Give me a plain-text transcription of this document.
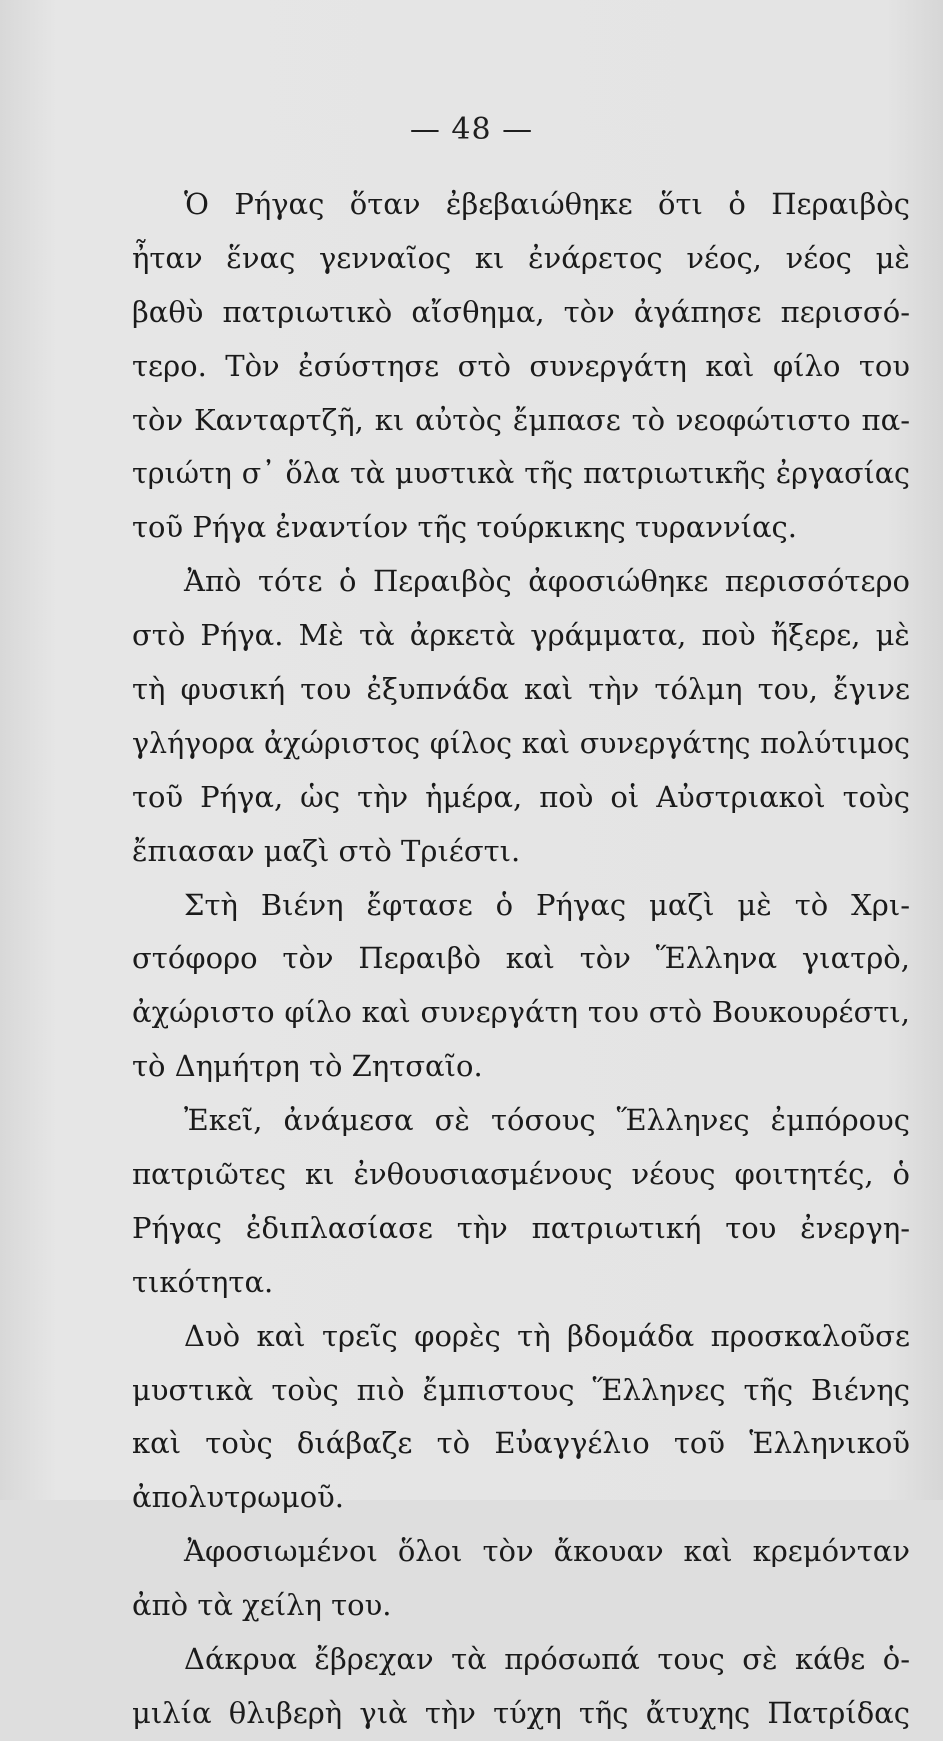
— 48 —
Ὁ Ρήγας ὅταν ἐβεβαιώθηκε ὅτι ὁ Περαιβὸς
ἦταν ἕνας γενναῖος κι ἐνάρετος νέος, νέος μὲ
βαθὺ πατριωτικὸ αἴσθημα, τὸν ἀγάπησε περισσό-
τερο. Τὸν ἐσύστησε στὸ συνεργάτη καὶ φίλο του
τὸν Κανταρτζῆ, κι αὐτὸς ἔμπασε τὸ νεοφώτιστο πα-
τριώτη σ᾽ ὅλα τὰ μυστικὰ τῆς πατριωτικῆς ἐργασίας
τοῦ Ρήγα ἐναντίον τῆς τούρκικης τυραννίας.
Ἀπὸ τότε ὁ Περαιβὸς ἀφοσιώθηκε περισσότερο
στὸ Ρήγα. Μὲ τὰ ἀρκετὰ γράμματα, ποὺ ἤξερε, μὲ
τὴ φυσική του ἐξυπνάδα καὶ τὴν τόλμη του, ἔγινε
γλήγορα ἀχώριστος φίλος καὶ συνεργάτης πολύτιμος
τοῦ Ρήγα, ὡς τὴν ἡμέρα, ποὺ οἱ Αὐστριακοὶ τοὺς
ἔπιασαν μαζὶ στὸ Τριέστι.
Στὴ Βιένη ἔφτασε ὁ Ρήγας μαζὶ μὲ τὸ Χρι-
στόφορο τὸν Περαιβὸ καὶ τὸν Ἕλληνα γιατρὸ,
ἀχώριστο φίλο καὶ συνεργάτη του στὸ Βουκουρέστι,
τὸ Δημήτρη τὸ Ζητσαῖο.
Ἐκεῖ, ἀνάμεσα σὲ τόσους Ἕλληνες ἐμπόρους
πατριῶτες κι ἐνθουσιασμένους νέους φοιτητές, ὁ
Ρήγας ἐδιπλασίασε τὴν πατριωτική του ἐνεργη-
τικότητα.
Δυὸ καὶ τρεῖς φορὲς τὴ βδομάδα προσκαλοῦσε
μυστικὰ τοὺς πιὸ ἔμπιστους Ἕλληνες τῆς Βιένης
καὶ τοὺς διάβαζε τὸ Εὐαγγέλιο τοῦ Ἑλληνικοῦ
ἀπολυτρωμοῦ.
Ἀφοσιωμένοι ὅλοι τὸν ἄκουαν καὶ κρεμόνταν
ἀπὸ τὰ χείλη του.
Δάκρυα ἔβρεχαν τὰ πρόσωπά τους σὲ κάθε ὁ-
μιλία θλιβερὴ γιὰ τὴν τύχη τῆς ἄτυχης Πατρίδας
